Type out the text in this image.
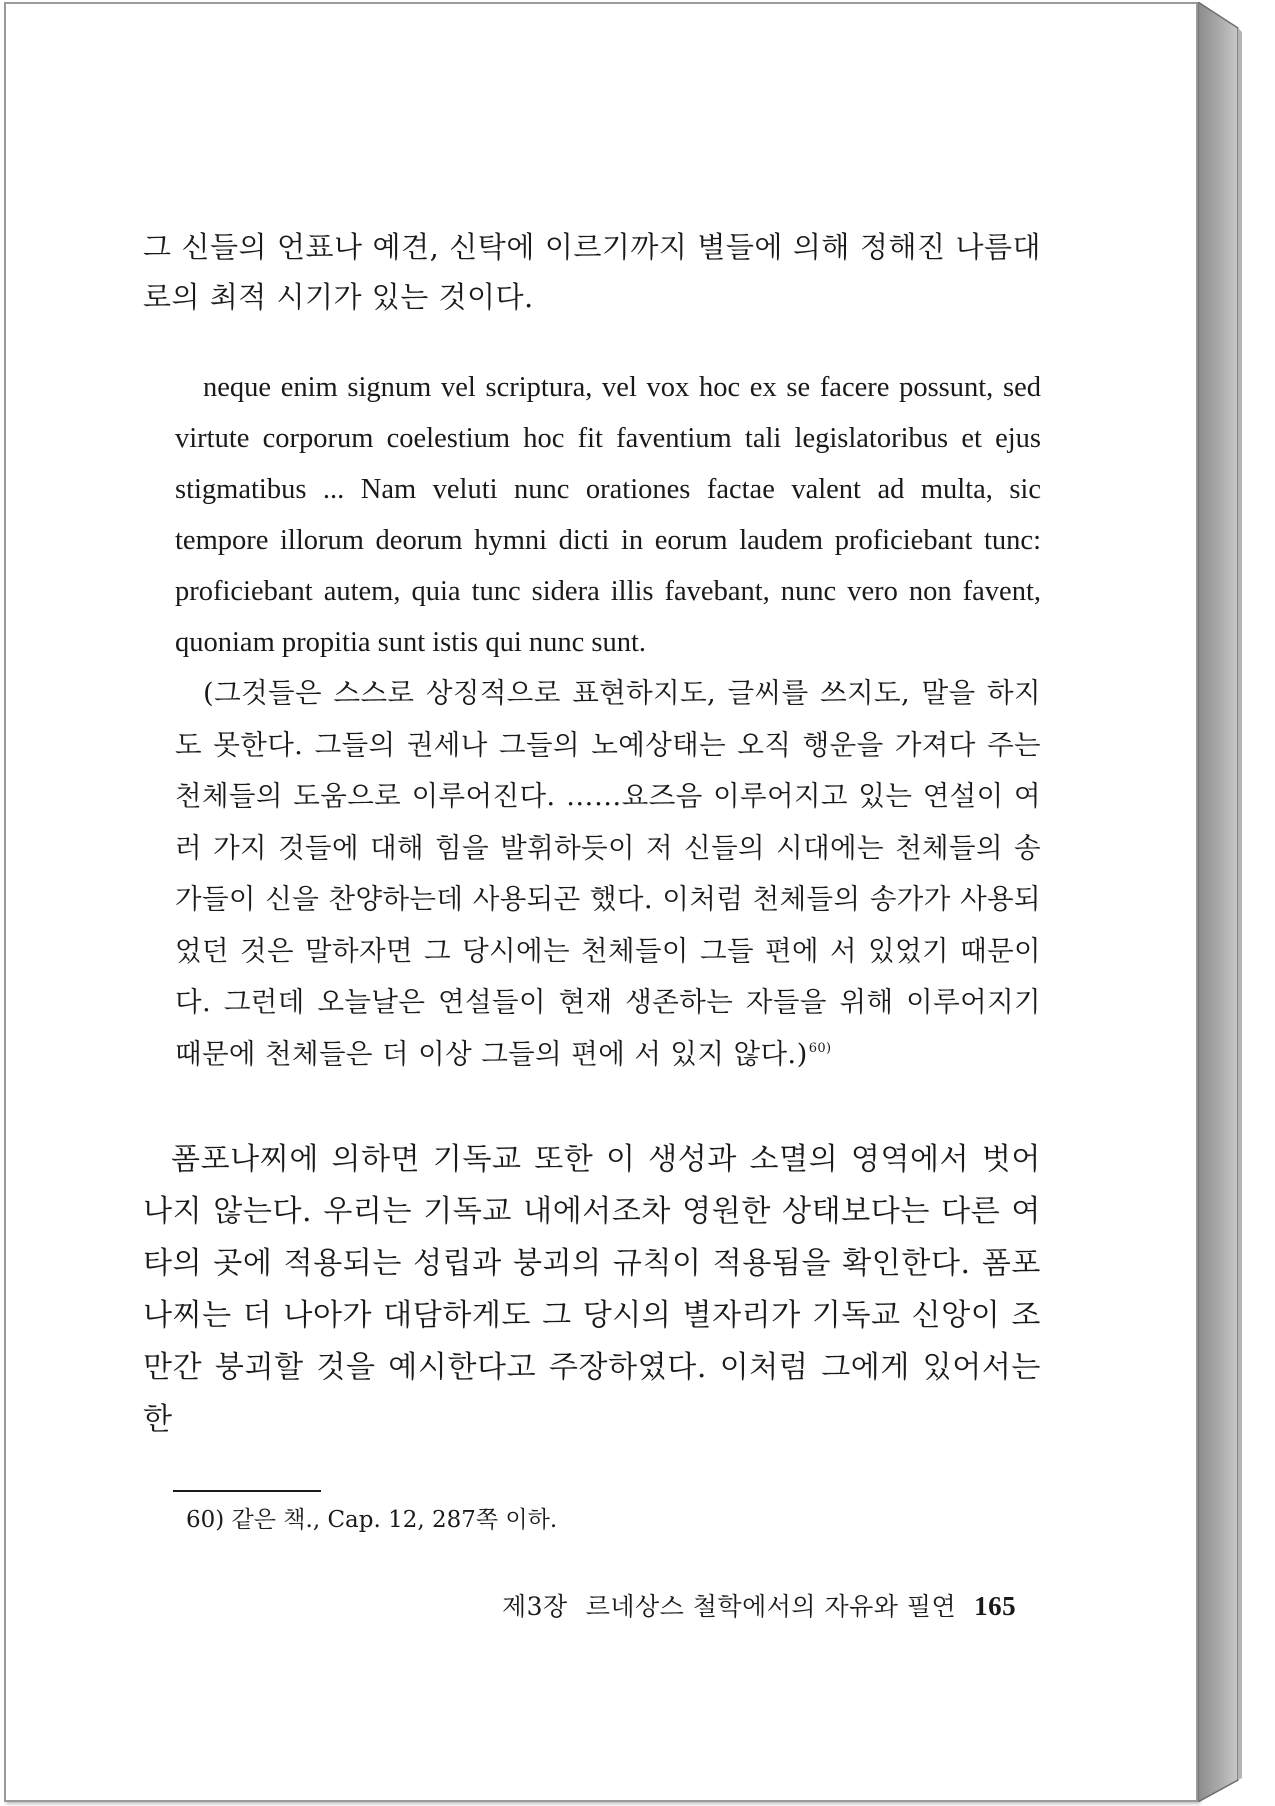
그 신들의 언표나 예견, 신탁에 이르기까지 별들에 의해 정해진 나름대로의 최적 시기가 있는 것이다.

neque enim signum vel scriptura, vel vox hoc ex se facere possunt, sed virtute corporum coelestium hoc fit faventium tali legislatoribus et ejus stigmatibus ... Nam veluti nunc orationes factae valent ad multa, sic tempore illorum deorum hymni dicti in eorum laudem proficiebant tunc: proficiebant autem, quia tunc sidera illis favebant, nunc vero non favent, quoniam propitia sunt istis qui nunc sunt.

(그것들은 스스로 상징적으로 표현하지도, 글씨를 쓰지도, 말을 하지도 못한다. 그들의 권세나 그들의 노예상태는 오직 행운을 가져다 주는 천체들의 도움으로 이루어진다. ……요즈음 이루어지고 있는 연설이 여러 가지 것들에 대해 힘을 발휘하듯이 저 신들의 시대에는 천체들의 송가들이 신을 찬양하는데 사용되곤 했다. 이처럼 천체들의 송가가 사용되었던 것은 말하자면 그 당시에는 천체들이 그들 편에 서 있었기 때문이다. 그런데 오늘날은 연설들이 현재 생존하는 자들을 위해 이루어지기 때문에 천체들은 더 이상 그들의 편에 서 있지 않다.)$^{60)}$

폼포나찌에 의하면 기독교 또한 이 생성과 소멸의 영역에서 벗어나지 않는다. 우리는 기독교 내에서조차 영원한 상태보다는 다른 여타의 곳에 적용되는 성립과 붕괴의 규칙이 적용됨을 확인한다. 폼포나찌는 더 나아가 대담하게도 그 당시의 별자리가 기독교 신앙이 조만간 붕괴할 것을 예시한다고 주장하였다. 이처럼 그에게 있어서는 한

60) 같은 책., Cap. 12, 287쪽 이하.

제3장 르네상스 철학에서의 자유와 필연 165
